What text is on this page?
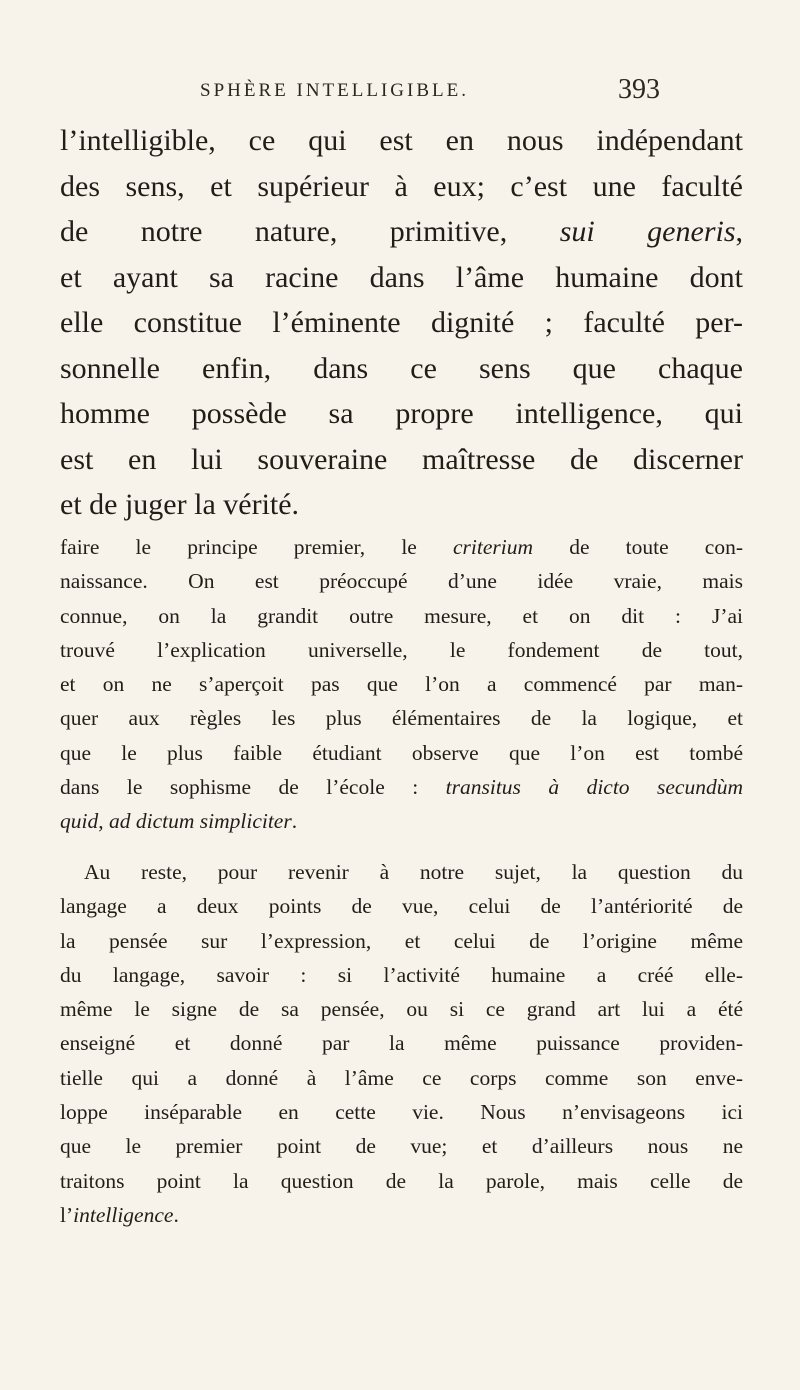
SPHÈRE INTELLIGIBLE.	393
l’intelligible, ce qui est en nous indépendant
des sens, et supérieur à eux; c’est une faculté
de notre nature, primitive, sui generis,
et ayant sa racine dans l’âme humaine dont
elle constitue l’éminente dignité ; faculté per-
sonnelle enfin, dans ce sens que chaque
homme possède sa propre intelligence, qui
est en lui souveraine maîtresse de discerner
et de juger la vérité.
faire le principe premier, le criterium de toute con-
naissance. On est préoccupé d’une idée vraie, mais
connue, on la grandit outre mesure, et on dit : J’ai
trouvé l’explication universelle, le fondement de tout,
et on ne s’aperçoit pas que l’on a commencé par man-
quer aux règles les plus élémentaires de la logique, et
que le plus faible étudiant observe que l’on est tombé
dans le sophisme de l’école : transitus à dicto secundùm
quid, ad dictum simpliciter.
Au reste, pour revenir à notre sujet, la question du
langage a deux points de vue, celui de l’antériorité de
la pensée sur l’expression, et celui de l’origine même
du langage, savoir : si l’activité humaine a créé elle-
même le signe de sa pensée, ou si ce grand art lui a été
enseigné et donné par la même puissance providen-
tielle qui a donné à l’âme ce corps comme son enve-
loppe inséparable en cette vie. Nous n’envisageons ici
que le premier point de vue; et d’ailleurs nous ne
traitons point la question de la parole, mais celle de
l’intelligence.
